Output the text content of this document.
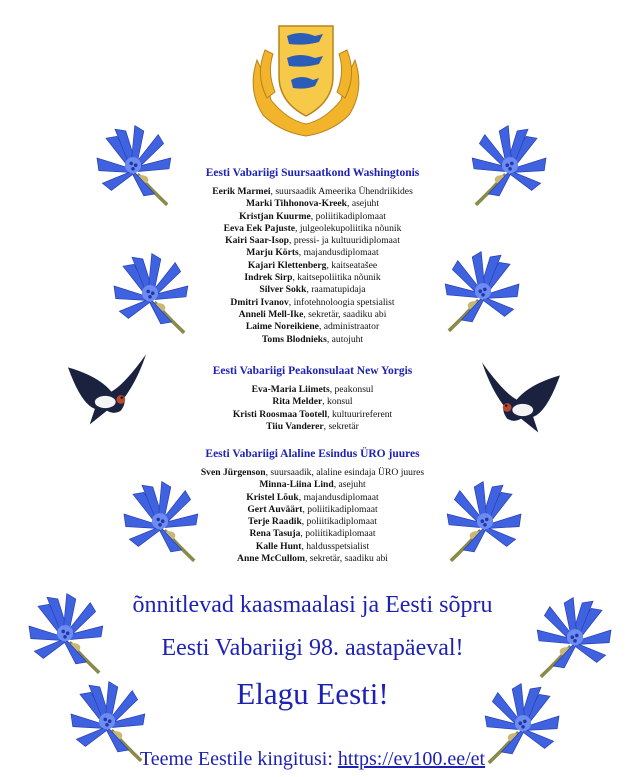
Eesti Vabariigi Suursaatkond Washingtonis
Eerik Marmei, suursaadik Ameerika Ühendriikides
Marki Tihhonova-Kreek, asejuht
Kristjan Kuurme, poliitikadiplomaat
Eeva Eek Pajuste, julgeolekupoliitika nõunik
Kairi Saar-Isop, pressi- ja kultuuridiplomaat
Marju Körts, majandusdiplomaat
Kajari Klettenberg, kaitseatašee
Indrek Sirp, kaitsepoliitika nõunik
Silver Sokk, raamatupidaja
Dmitri Ivanov, infotehnoloogia spetsialist
Anneli Mell-Ike, sekretär, saadiku abi
Laime Noreikiene, administraator
Toms Blodnieks, autojuht
Eesti Vabariigi Peakonsulaat New Yorgis
Eva-Maria Liimets, peakonsul
Rita Melder, konsul
Kristi Roosmaa Tootell, kultuurireferent
Tiiu Vanderer, sekretär
Eesti Vabariigi Alaline Esindus ÜRO juures
Sven Jürgenson, suursaadik, alaline esindaja ÜRO juures
Minna-Liina Lind, asejuht
Kristel Lõuk, majandusdiplomaat
Gert Auväärt, poliitikadiplomaat
Terje Raadik, poliitikadiplomaat
Rena Tasuja, poliitikadiplomaat
Kalle Hunt, haldusspetsialist
Anne McCullom, sekretär, saadiku abi
õnnitlevad kaasmaalasi ja Eesti sõpru
Eesti Vabariigi 98. aastapäeval!
Elagu Eesti!
Teeme Eestile kingitusi: https://ev100.ee/et
